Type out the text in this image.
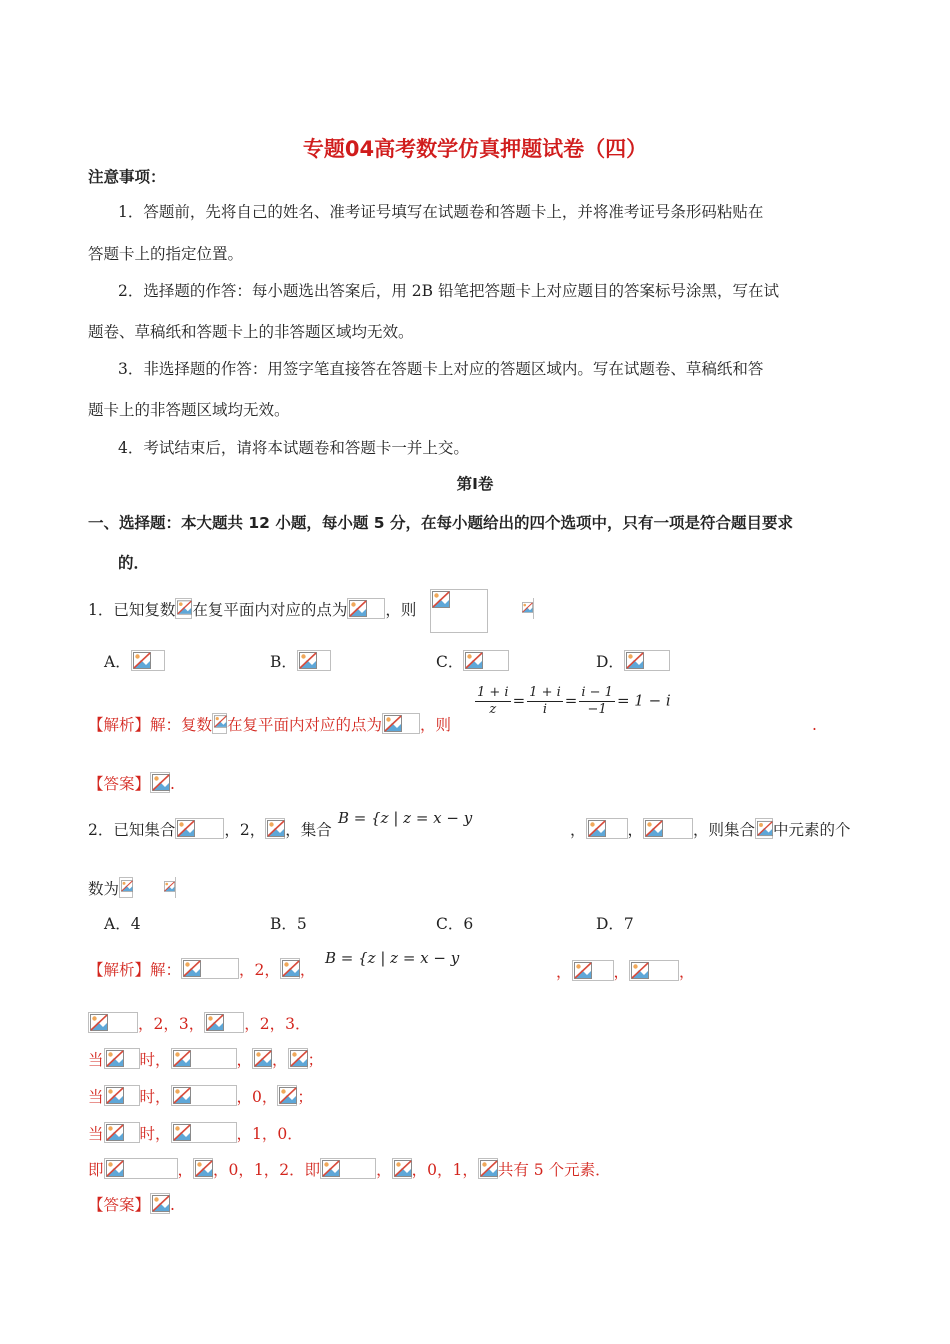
专题04高考数学仿真押题试卷（四）
注意事项：
1．答题前，先将自己的姓名、准考证号填写在试题卷和答题卡上，并将准考证号条形码粘贴在
答题卡上的指定位置。
2．选择题的作答：每小题选出答案后，用 2B 铅笔把答题卡上对应题目的答案标号涂黑，写在试
题卷、草稿纸和答题卡上的非答题区域均无效。
3．非选择题的作答：用签字笔直接答在答题卡上对应的答题区域内。写在试题卷、草稿纸和答
题卡上的非答题区域均无效。
4．考试结束后，请将本试题卷和答题卡一并上交。
第Ⅰ卷
一、选择题：本大题共 12 小题，每小题 5 分，在每小题给出的四个选项中，只有一项是符合题目要求
的．
1．已知复数 在复平面内对应的点为 ，则
A．	B．	C．	D．
【解析】解：复数 在复平面内对应的点为 ，则
$\frac{1 + i}{z} = \frac{1 + i}{i} = \frac{i - 1}{-1} = 1 - i$
.
【答案】 .
2．已知集合	，2， ，集合
B = {z | z = x − y
，	，	，则集合 中元素的个
数为
A．4	B．5	C．6	D．7
【解析】解：	，2， ，
B = {z | z = x − y
，	，	，
，2，3，	，2，3．
当 时，	， ， ；
当 时，	，0， ；
当 时，	，1，0．
即	， ，0，1，2．即	， ，0，1， 共有 5 个元素．
【答案】 .
